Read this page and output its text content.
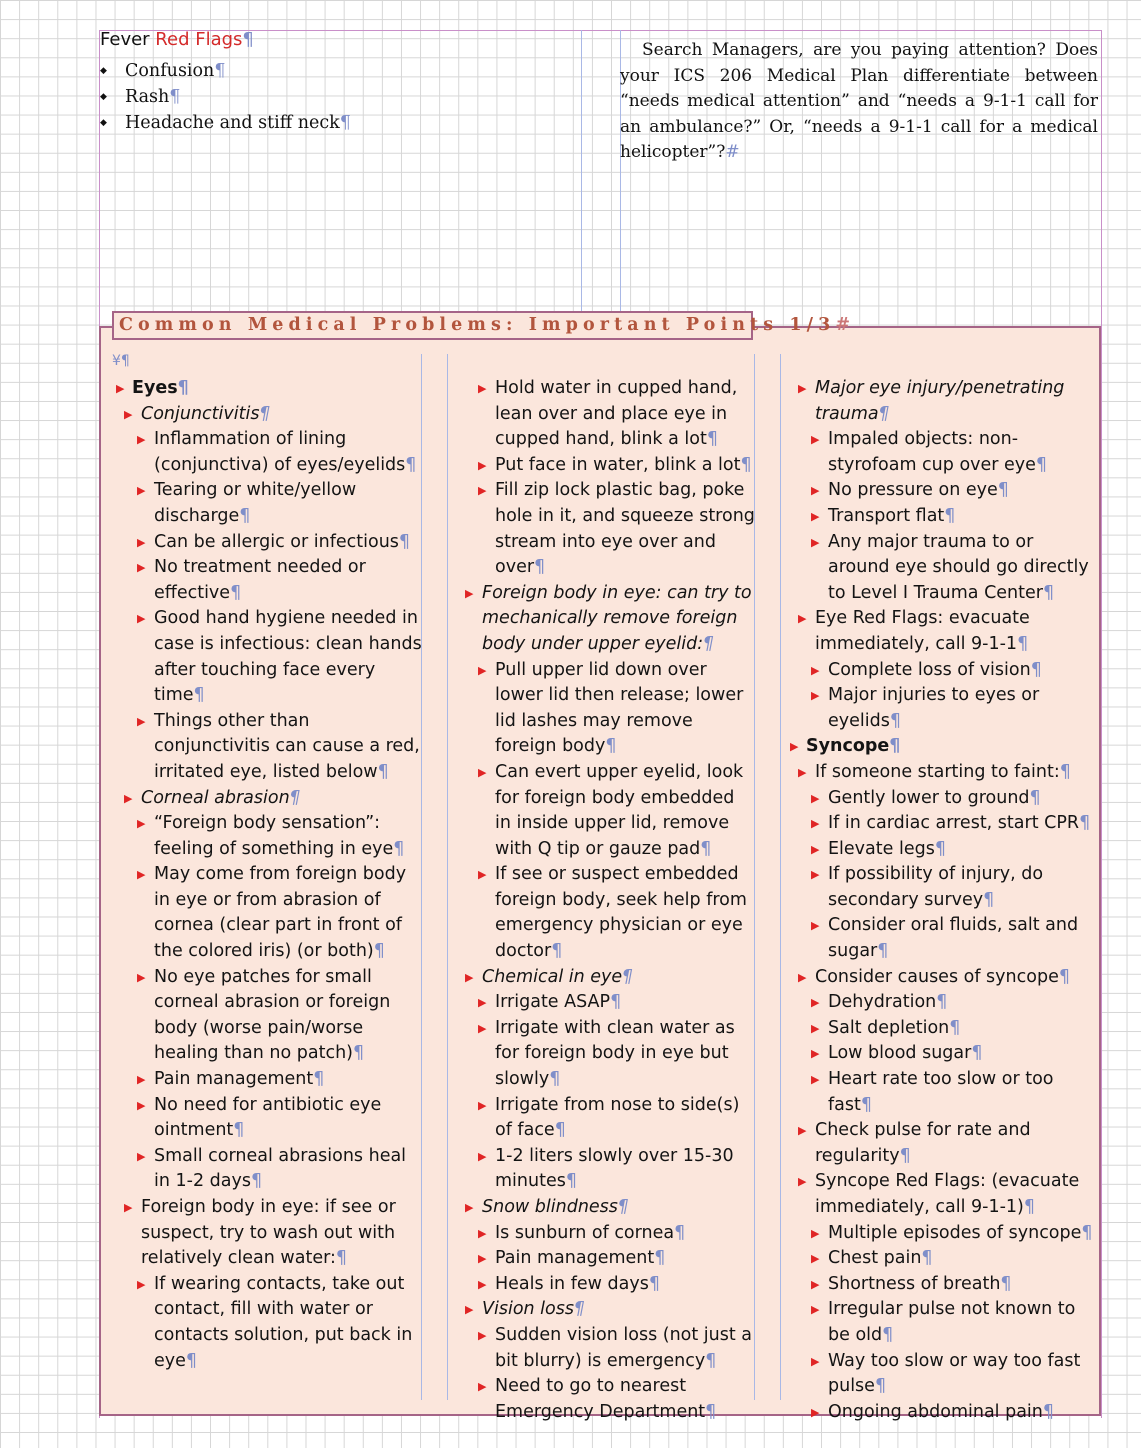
Fever Red Flags¶
◆ Confusion¶
◆ Rash¶
◆ Headache and stiff neck¶

Search Managers, are you paying attention? Does your ICS 206 Medical Plan differentiate between “needs medical attention” and “needs a 9-1-1 call for an ambulance?” Or, “needs a 9-1-1 call for a medical helicopter”?#

Common Medical Problems: Important Points 1/3#
¥¶
▶ Eyes¶
▶ Conjunctivitis¶
▶ Inflammation of lining (conjunctiva) of eyes/eyelids¶
▶ Tearing or white/yellow discharge¶
▶ Can be allergic or infectious¶
▶ No treatment needed or effective¶
▶ Good hand hygiene needed in case is infectious: clean hands after touching face every time¶
▶ Things other than conjunctivitis can cause a red, irritated eye, listed below¶
▶ Corneal abrasion¶
▶ “Foreign body sensation”: feeling of something in eye¶
▶ May come from foreign body in eye or from abrasion of cornea (clear part in front of the colored iris) (or both)¶
▶ No eye patches for small corneal abrasion or foreign body (worse pain/worse healing than no patch)¶
▶ Pain management¶
▶ No need for antibiotic eye ointment¶
▶ Small corneal abrasions heal in 1-2 days¶
▶ Foreign body in eye: if see or suspect, try to wash out with relatively clean water:¶
▶ If wearing contacts, take out contact, fill with water or contacts solution, put back in eye¶
▶ Hold water in cupped hand, lean over and place eye in cupped hand, blink a lot¶
▶ Put face in water, blink a lot¶
▶ Fill zip lock plastic bag, poke hole in it, and squeeze strong stream into eye over and over¶
▶ Foreign body in eye: can try to mechanically remove foreign body under upper eyelid:¶
▶ Pull upper lid down over lower lid then release; lower lid lashes may remove foreign body¶
▶ Can evert upper eyelid, look for foreign body embedded in inside upper lid, remove with Q tip or gauze pad¶
▶ If see or suspect embedded foreign body, seek help from emergency physician or eye doctor¶
▶ Chemical in eye¶
▶ Irrigate ASAP¶
▶ Irrigate with clean water as for foreign body in eye but slowly¶
▶ Irrigate from nose to side(s) of face¶
▶ 1-2 liters slowly over 15-30 minutes¶
▶ Snow blindness¶
▶ Is sunburn of cornea¶
▶ Pain management¶
▶ Heals in few days¶
▶ Vision loss¶
▶ Sudden vision loss (not just a bit blurry) is emergency¶
▶ Need to go to nearest Emergency Department¶
▶ Major eye injury/penetrating trauma¶
▶ Impaled objects: non-styrofoam cup over eye¶
▶ No pressure on eye¶
▶ Transport flat¶
▶ Any major trauma to or around eye should go directly to Level I Trauma Center¶
▶ Eye Red Flags: evacuate immediately, call 9-1-1¶
▶ Complete loss of vision¶
▶ Major injuries to eyes or eyelids¶
▶ Syncope¶
▶ If someone starting to faint:¶
▶ Gently lower to ground¶
▶ If in cardiac arrest, start CPR¶
▶ Elevate legs¶
▶ If possibility of injury, do secondary survey¶
▶ Consider oral fluids, salt and sugar¶
▶ Consider causes of syncope¶
▶ Dehydration¶
▶ Salt depletion¶
▶ Low blood sugar¶
▶ Heart rate too slow or too fast¶
▶ Check pulse for rate and regularity¶
▶ Syncope Red Flags: (evacuate immediately, call 9-1-1)¶
▶ Multiple episodes of syncope¶
▶ Chest pain¶
▶ Shortness of breath¶
▶ Irregular pulse not known to be old¶
▶ Way too slow or way too fast pulse¶
▶ Ongoing abdominal pain¶
